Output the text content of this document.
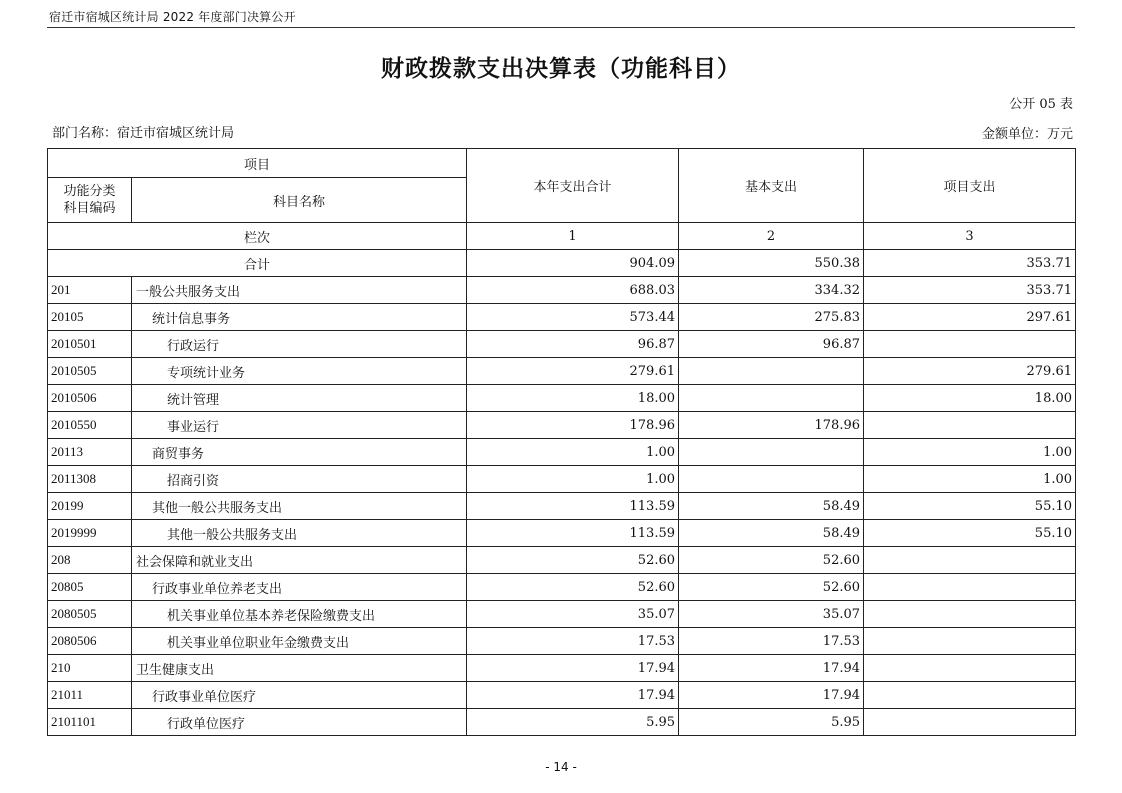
宿迁市宿城区统计局 2022 年度部门决算公开
财政拨款支出决算表（功能科目）
公开 05 表
部门名称：宿迁市宿城区统计局	金额单位：万元
项目		本年支出合计	基本支出	项目支出
功能分类
科目编码	科目名称			
栏次		1	2	3
合计		904.09	550.38	353.71
201	一般公共服务支出	688.03	334.32	353.71
20105	统计信息事务	573.44	275.83	297.61
2010501	行政运行	96.87	96.87	
2010505	专项统计业务	279.61		279.61
2010506	统计管理	18.00		18.00
2010550	事业运行	178.96	178.96	
20113	商贸事务	1.00		1.00
2011308	招商引资	1.00		1.00
20199	其他一般公共服务支出	113.59	58.49	55.10
2019999	其他一般公共服务支出	113.59	58.49	55.10
208	社会保障和就业支出	52.60	52.60	
20805	行政事业单位养老支出	52.60	52.60	
2080505	机关事业单位基本养老保险缴费支出	35.07	35.07	
2080506	机关事业单位职业年金缴费支出	17.53	17.53	
210	卫生健康支出	17.94	17.94	
21011	行政事业单位医疗	17.94	17.94	
2101101	行政单位医疗	5.95	5.95	
- 14 -
